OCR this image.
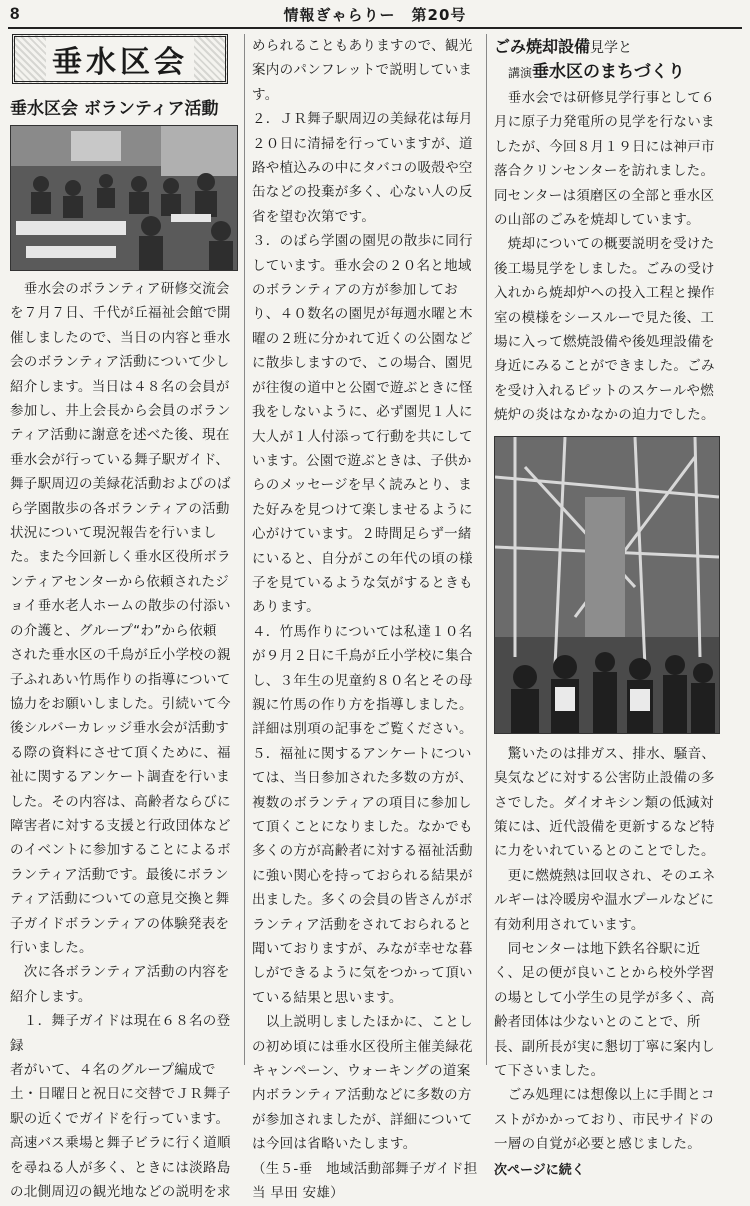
8	情報ぎゃらりー　第20号
垂水区会
垂水区会 ボランティア活動

　垂水会のボランティア研修交流会
を７月７日、千代が丘福祉会館で開
催しましたので、当日の内容と垂水
会のボランティア活動について少し
紹介します。当日は４８名の会員が
参加し、井上会長から会員のボラン
ティア活動に謝意を述べた後、現在
垂水会が行っている舞子駅ガイド、
舞子駅周辺の美緑花活動およびのば
ら学園散歩の各ボランティアの活動
状況について現況報告を行いまし
た。また今回新しく垂水区役所ボラ
ンティアセンターから依頼されたジ
ョイ垂水老人ホームの散歩の付添い
の介護と、グループ“わ”から依頼
された垂水区の千鳥が丘小学校の親
子ふれあい竹馬作りの指導について
協力をお願いしました。引続いて今
後シルバーカレッジ垂水会が活動す
る際の資料にさせて頂くために、福
祉に関するアンケート調査を行いま
した。その内容は、高齢者ならびに
障害者に対する支援と行政団体など
のイベントに参加することによるボ
ランティア活動です。最後にボラン
ティア活動についての意見交換と舞
子ガイドボランティアの体験発表を
行いました。
　次に各ボランティア活動の内容を
紹介します。
　１．舞子ガイドは現在６８名の登録
者がいて、４名のグループ編成で
土・日曜日と祝日に交替でＪＲ舞子
駅の近くでガイドを行っています。
高速バス乗場と舞子ビラに行く道順
を尋ねる人が多く、ときには淡路島
の北側周辺の観光地などの説明を求

められることもありますので、観光
案内のパンフレットで説明していま
す。
２．ＪＲ舞子駅周辺の美緑花は毎月
２０日に清掃を行っていますが、道
路や植込みの中にタバコの吸殻や空
缶などの投棄が多く、心ない人の反
省を望む次第です。
３．のばら学園の園児の散歩に同行
しています。垂水会の２０名と地域
のボランティアの方が参加してお
り、４０数名の園児が毎週水曜と木
曜の２班に分かれて近くの公園など
に散歩しますので、この場合、園児
が往復の道中と公園で遊ぶときに怪
我をしないように、必ず園児１人に
大人が１人付添って行動を共にして
います。公園で遊ぶときは、子供か
らのメッセージを早く読みとり、ま
た好みを見つけて楽しませるように
心がけています。２時間足らず一緒
にいると、自分がこの年代の頃の様
子を見ているような気がするときも
あります。
４．竹馬作りについては私達１０名
が９月２日に千鳥が丘小学校に集合
し、３年生の児童約８０名とその母
親に竹馬の作り方を指導しました。
詳細は別項の記事をご覧ください。
５．福祉に関するアンケートについ
ては、当日参加された多数の方が、
複数のボランティアの項目に参加し
て頂くことになりました。なかでも
多くの方が高齢者に対する福祉活動
に強い関心を持っておられる結果が
出ました。多くの会員の皆さんがボ
ランティア活動をされておられると
聞いておりますが、みなが幸せな暮
しができるように気をつかって頂い
ている結果と思います。
　以上説明しましたほかに、ことし
の初め頃には垂水区役所主催美緑花
キャンペーン、ウォーキングの道案
内ボランティア活動などに多数の方
が参加されましたが、詳細について
は今回は省略いたします。
（生５-垂　地域活動部舞子ガイド担
当 早田 安雄）

ごみ焼却設備見学と
講演垂水区のまちづくり

　垂水会では研修見学行事として６
月に原子力発電所の見学を行ないま
したが、今回８月１９日には神戸市
落合クリンセンターを訪れました。
同センターは須磨区の全部と垂水区
の山部のごみを焼却しています。
　焼却についての概要説明を受けた
後工場見学をしました。ごみの受け
入れから焼却炉への投入工程と操作
室の模様をシースルーで見た後、工
場に入って燃焼設備や後処理設備を
身近にみることができました。ごみ
を受け入れるピットのスケールや燃
焼炉の炎はなかなかの迫力でした。

　驚いたのは排ガス、排水、騒音、
臭気などに対する公害防止設備の多
さでした。ダイオキシン類の低減対
策には、近代設備を更新するなど特
に力をいれているとのことでした。
　更に燃焼熱は回収され、そのエネ
ルギーは冷暖房や温水プールなどに
有効利用されています。
　同センターは地下鉄名谷駅に近
く、足の便が良いことから校外学習
の場として小学生の見学が多く、高
齢者団体は少ないとのことで、所
長、副所長が実に懇切丁寧に案内し
て下さいました。
　ごみ処理には想像以上に手間とコ
ストがかかっており、市民サイドの
一層の自覚が必要と感じました。

次ページに続く
